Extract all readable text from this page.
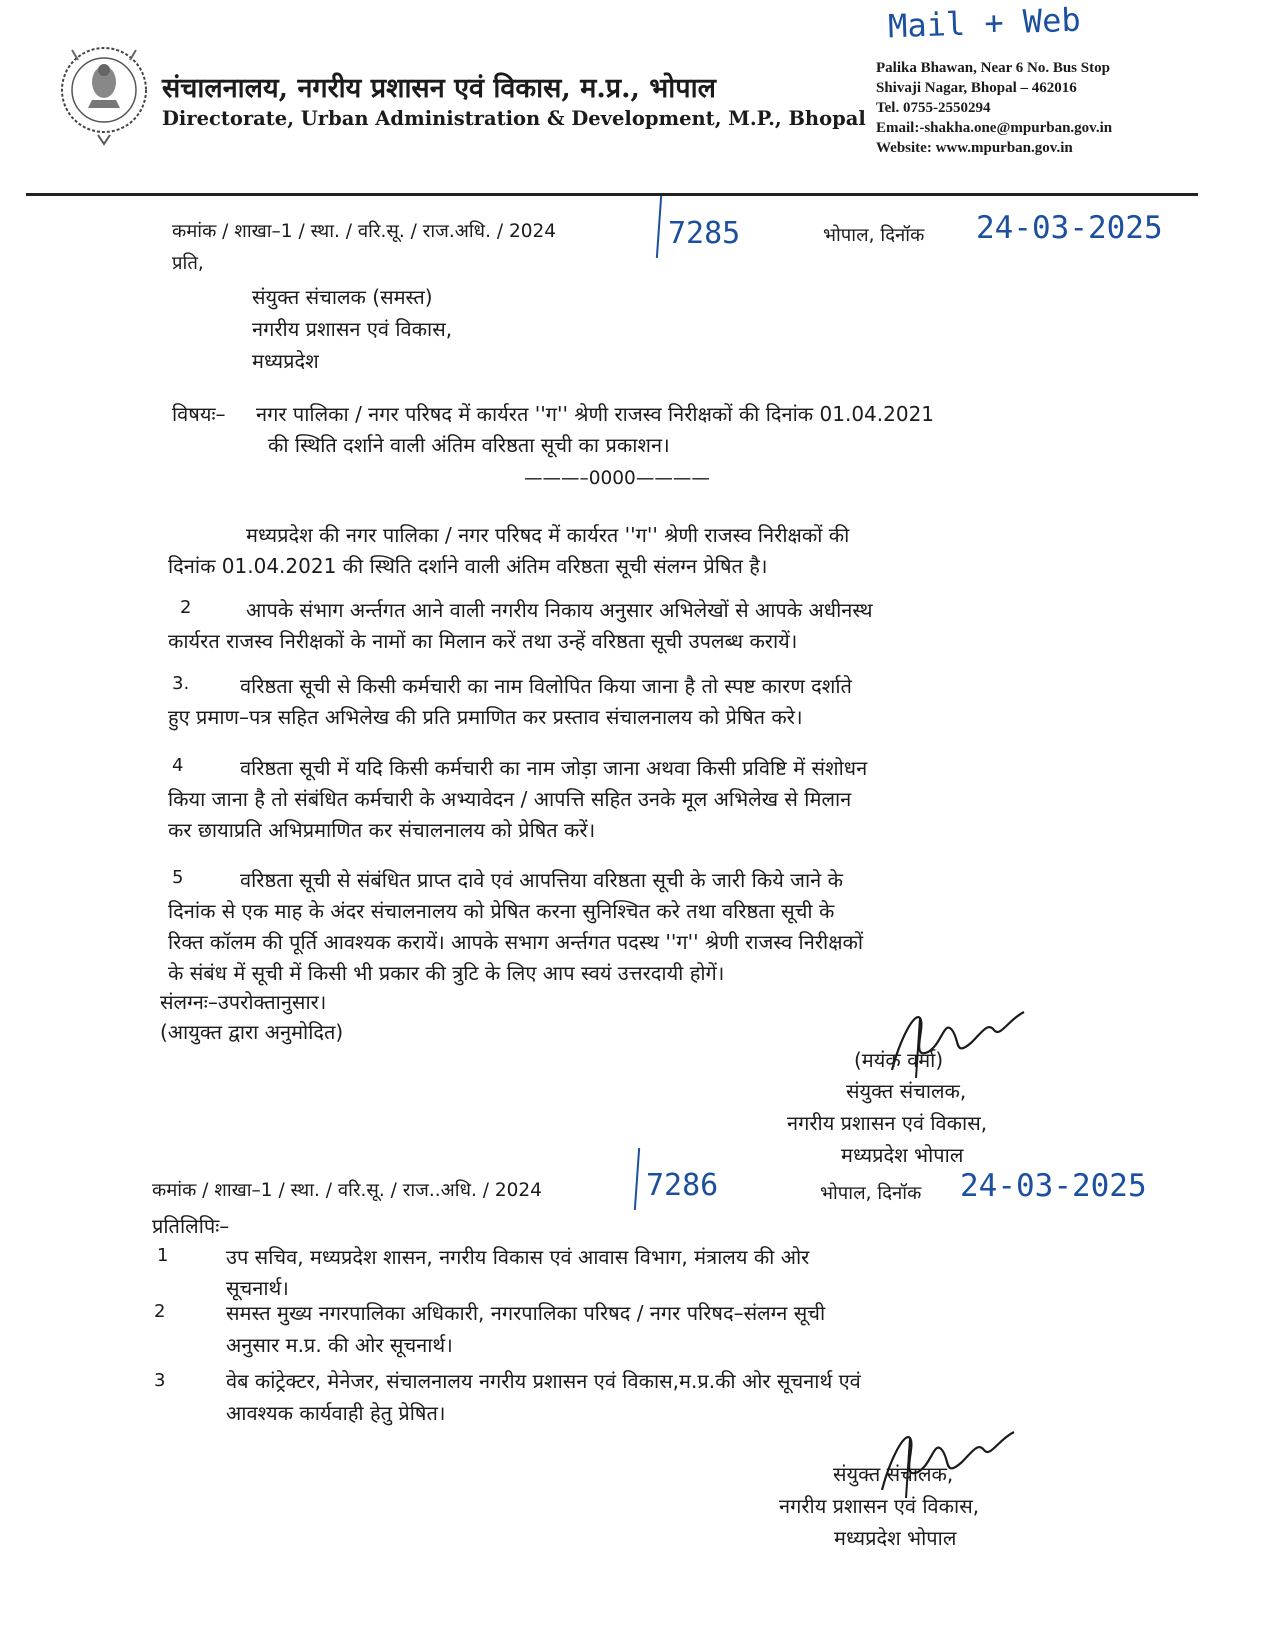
संचालनालय, नगरीय प्रशासन एवं विकास, म.प्र., भोपाल
Directorate, Urban Administration & Development, M.P., Bhopal
Palika Bhawan, Near 6 No. Bus Stop
Shivaji Nagar, Bhopal – 462016
Tel. 0755-2550294
Email:-shakha.one@mpurban.gov.in
Website: www.mpurban.gov.in
Mail + Web
कमांक / शाखा–1 / स्था. / वरि.सू. / राज.अधि. / 2024	7285	भोपाल, दिनॉक 24-03-2025
प्रति,
संयुक्त संचालक (समस्त)
नगरीय प्रशासन एवं विकास,
मध्यप्रदेश
विषयः– नगर पालिका / नगर परिषद में कार्यरत ''ग'' श्रेणी राजस्व निरीक्षकों की दिनांक 01.04.2021
की स्थिति दर्शाने वाली अंतिम वरिष्ठता सूची का प्रकाशन।
———–0000————
मध्यप्रदेश की नगर पालिका / नगर परिषद में कार्यरत ''ग'' श्रेणी राजस्व निरीक्षकों की
दिनांक 01.04.2021 की स्थिति दर्शाने वाली अंतिम वरिष्ठता सूची संलग्न प्रेषित है।
2	आपके संभाग अर्न्तगत आने वाली नगरीय निकाय अनुसार अभिलेखों से आपके अधीनस्थ
कार्यरत राजस्व निरीक्षकों के नामों का मिलान करें तथा उन्हें वरिष्ठता सूची उपलब्ध करायें।
3.	वरिष्ठता सूची से किसी कर्मचारी का नाम विलोपित किया जाना है तो स्पष्ट कारण दर्शाते
हुए प्रमाण–पत्र सहित अभिलेख की प्रति प्रमाणित कर प्रस्ताव संचालनालय को प्रेषित करे।
4	वरिष्ठता सूची में यदि किसी कर्मचारी का नाम जोड़ा जाना अथवा किसी प्रविष्टि में संशोधन
किया जाना है तो संबंधित कर्मचारी के अभ्यावेदन / आपत्ति सहित उनके मूल अभिलेख से मिलान
कर छायाप्रति अभिप्रमाणित कर संचालनालय को प्रेषित करें।
5	वरिष्ठता सूची से संबंधित प्राप्त दावे एवं आपत्तिया वरिष्ठता सूची के जारी किये जाने के
दिनांक से एक माह के अंदर संचालनालय को प्रेषित करना सुनिश्चित करे तथा वरिष्ठता सूची के
रिक्त कॉलम की पूर्ति आवश्यक करायें। आपके सभाग अर्न्तगत पदस्थ ''ग'' श्रेणी राजस्व निरीक्षकों
के संबंध में सूची में किसी भी प्रकार की त्रुटि के लिए आप स्वयं उत्तरदायी होगें।
संलग्नः–उपरोक्तानुसार।
(आयुक्त द्वारा अनुमोदित)
(मयंक वर्मा)
संयुक्त संचालक,
नगरीय प्रशासन एवं विकास,
मध्यप्रदेश भोपाल
कमांक / शाखा–1 / स्था. / वरि.सू. / राज..अधि. / 2024	7286	भोपाल, दिनॉक 24-03-2025
प्रतिलिपिः–
1	उप सचिव, मध्यप्रदेश शासन, नगरीय विकास एवं आवास विभाग, मंत्रालय की ओर
सूचनार्थ।
2	समस्त मुख्य नगरपालिका अधिकारी, नगरपालिका परिषद / नगर परिषद–संलग्न सूची
अनुसार म.प्र. की ओर सूचनार्थ।
3	वेब कांट्रेक्टर, मेनेजर, संचालनालय नगरीय प्रशासन एवं विकास,म.प्र.की ओर सूचनार्थ एवं
आवश्यक कार्यवाही हेतु प्रेषित।
संयुक्त संचालक,
नगरीय प्रशासन एवं विकास,
मध्यप्रदेश भोपाल
